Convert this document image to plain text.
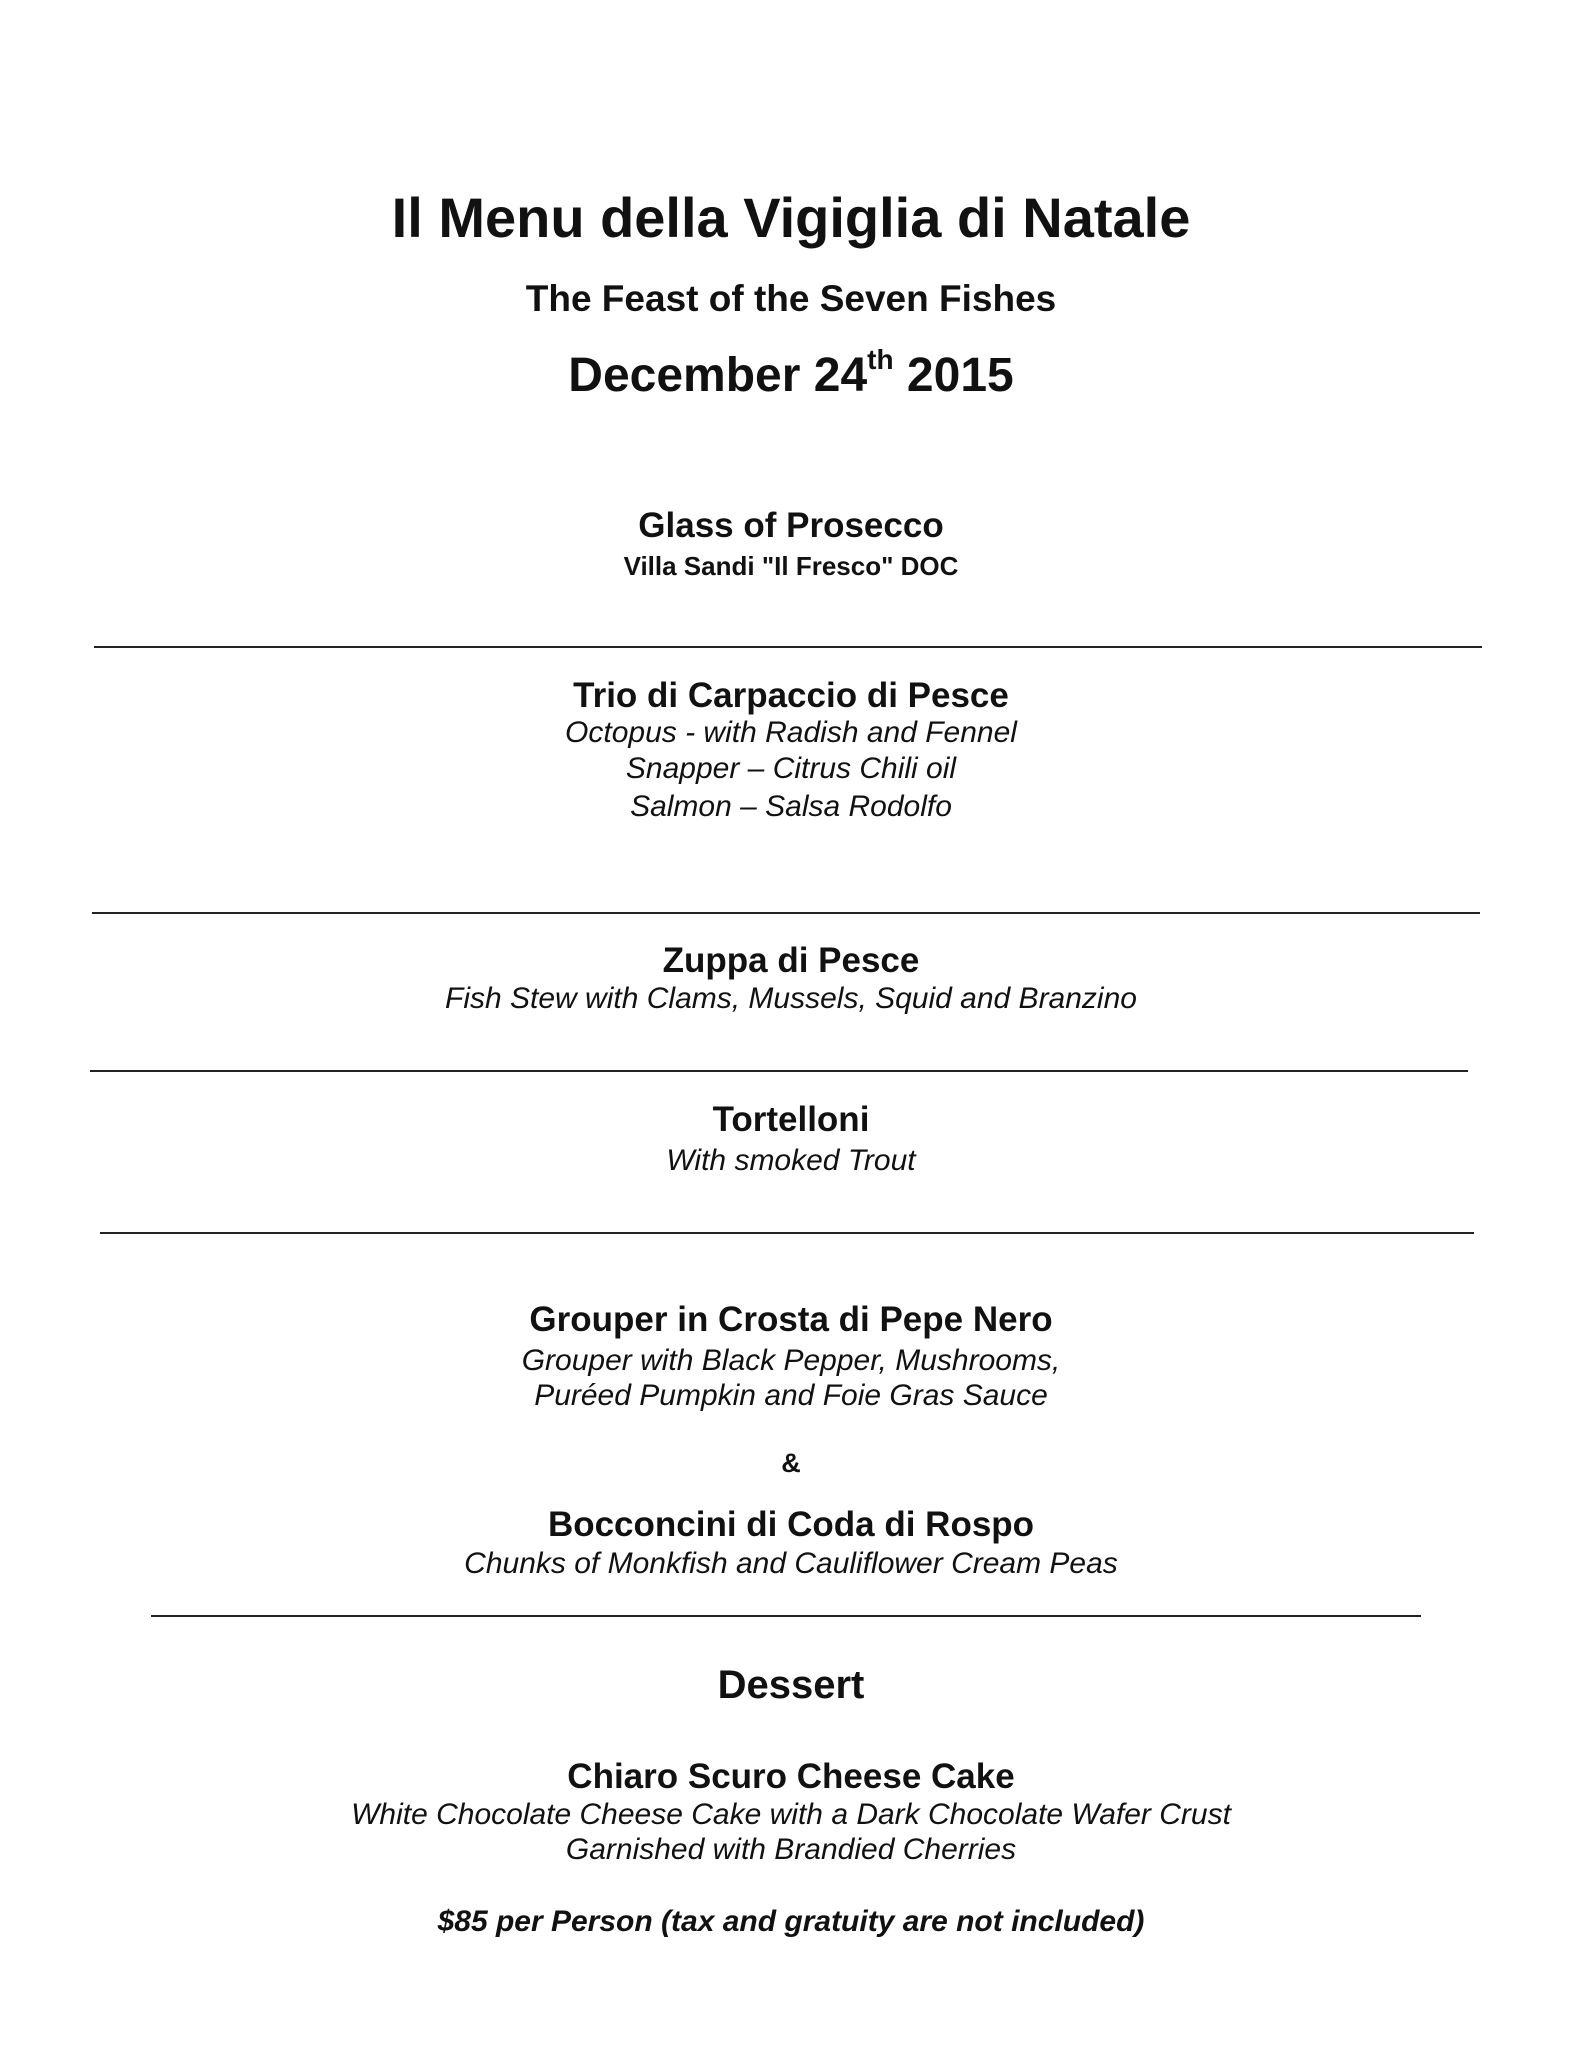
Il Menu della Vigiglia di Natale
The Feast of the Seven Fishes
December 24th 2015
Glass of Prosecco
Villa Sandi "Il Fresco" DOC
Trio di Carpaccio di Pesce
Octopus - with Radish and Fennel
Snapper – Citrus Chili oil
Salmon – Salsa Rodolfo
Zuppa di Pesce
Fish Stew with Clams, Mussels, Squid and Branzino
Tortelloni
With smoked Trout
Grouper in Crosta di Pepe Nero
Grouper with Black Pepper, Mushrooms,
Puréed Pumpkin and Foie Gras Sauce
&
Bocconcini di Coda di Rospo
Chunks of Monkfish and Cauliflower Cream Peas
Dessert
Chiaro Scuro Cheese Cake
White Chocolate Cheese Cake with a Dark Chocolate Wafer Crust
Garnished with Brandied Cherries
$85 per Person (tax and gratuity are not included)
